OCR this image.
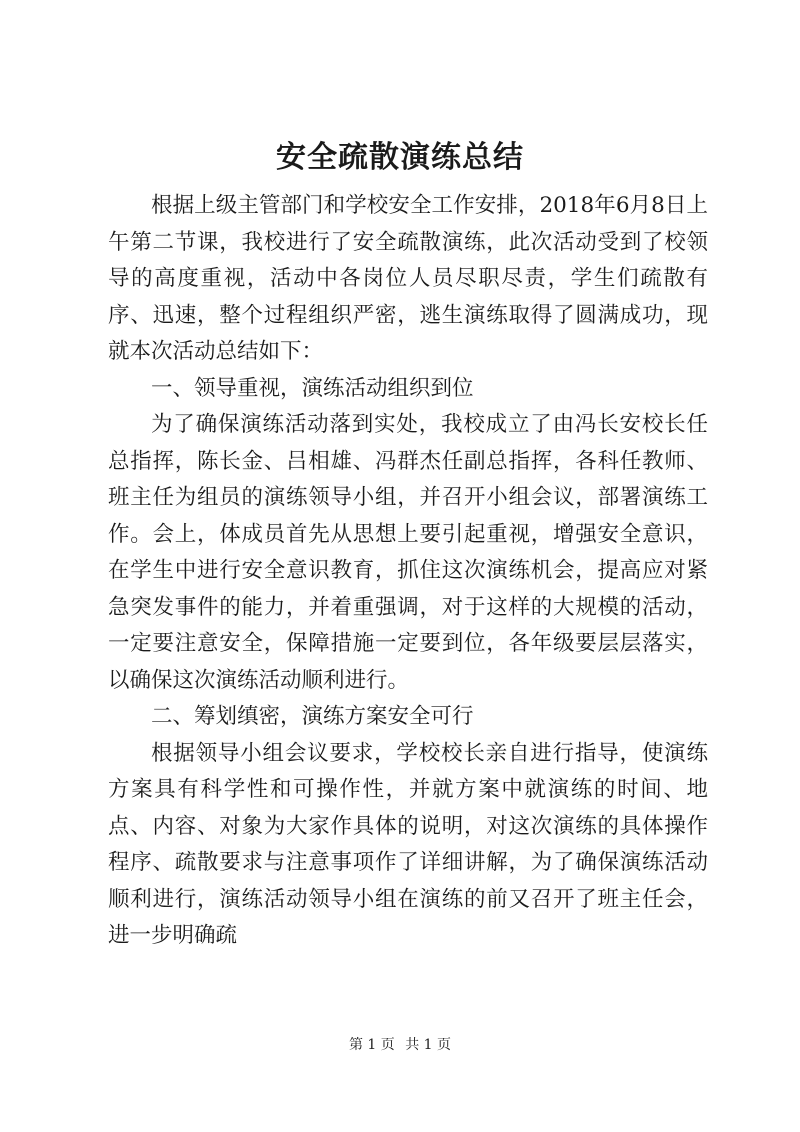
安全疏散演练总结

根据上级主管部门和学校安全工作安排，2018年6月8日上午第二节课，我校进行了安全疏散演练，此次活动受到了校领导的高度重视，活动中各岗位人员尽职尽责，学生们疏散有序、迅速，整个过程组织严密，逃生演练取得了圆满成功，现就本次活动总结如下：

一、领导重视，演练活动组织到位

为了确保演练活动落到实处，我校成立了由冯长安校长任总指挥，陈长金、吕相雄、冯群杰任副总指挥，各科任教师、班主任为组员的演练领导小组，并召开小组会议，部署演练工作。会上，体成员首先从思想上要引起重视，增强安全意识，在学生中进行安全意识教育，抓住这次演练机会，提高应对紧急突发事件的能力，并着重强调，对于这样的大规模的活动，一定要注意安全，保障措施一定要到位，各年级要层层落实，以确保这次演练活动顺利进行。

二、筹划缜密，演练方案安全可行

根据领导小组会议要求，学校校长亲自进行指导，使演练方案具有科学性和可操作性，并就方案中就演练的时间、地点、内容、对象为大家作具体的说明，对这次演练的具体操作程序、疏散要求与注意事项作了详细讲解，为了确保演练活动顺利进行，演练活动领导小组在演练的前又召开了班主任会，进一步明确疏

第 1 页 共 1 页
